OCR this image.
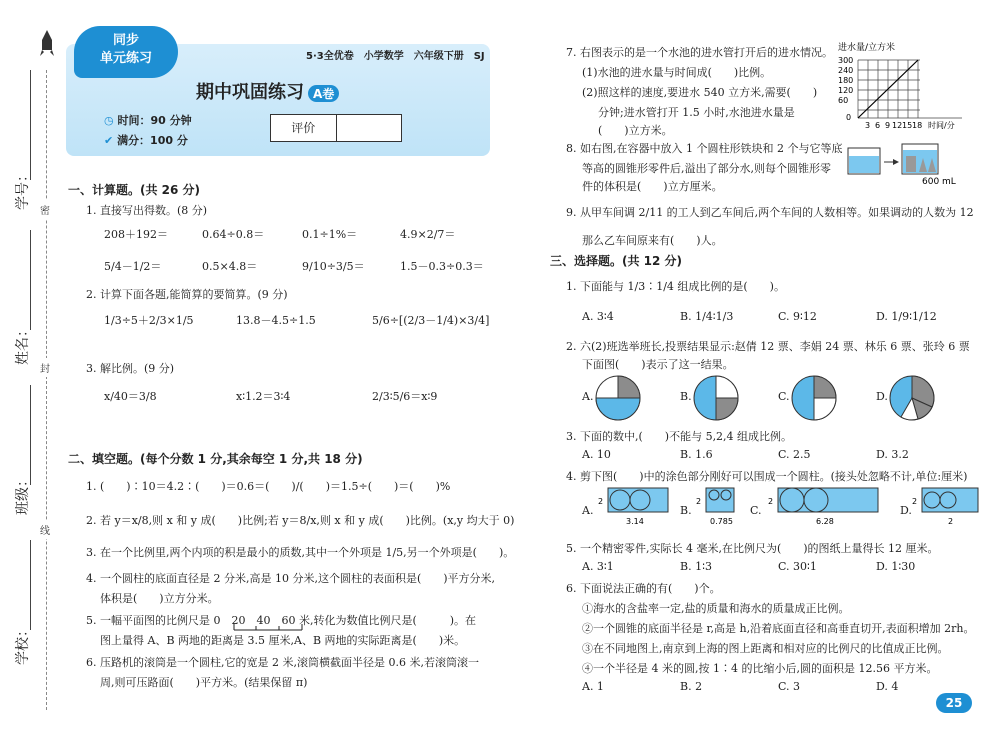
学号：
姓名：
班级：
学校：
密
封
线
同步
单元练习	5·3全优卷　小学数学　六年级下册　SJ
期中巩固练习 A卷
◷ 时间：90 分钟
✔ 满分：100 分
评价
一、计算题。(共 26 分)
1. 直接写出得数。(8 分)
208＋192＝	0.64÷0.8＝	0.1÷1%＝	4.9×2/7＝
5/4－1/2＝	0.5×4.8＝	9/10÷3/5＝	1.5－0.3÷0.3＝
2. 计算下面各题,能简算的要简算。(9 分)
1/3÷5＋2/3×1/5	13.8－4.5÷1.5	5/6÷[(2/3－1/4)×3/4]
3. 解比例。(9 分)
x/40＝3/8	x∶1.2＝3∶4	2/3∶5/6＝x∶9
二、填空题。(每个分数 1 分,其余每空 1 分,共 18 分)
1. (　　)∶10＝4.2∶(　　)＝0.6＝(　　)/(　　)＝1.5÷(　　)＝(　　)%
2. 若 y＝x/8,则 x 和 y 成(　　)比例;若 y＝8/x,则 x 和 y 成(　　)比例。(x,y 均大于 0)
3. 在一个比例里,两个内项的积是最小的质数,其中一个外项是 1/5,另一个外项是(　　)。
4. 一个圆柱的底面直径是 2 分米,高是 10 分米,这个圆柱的表面积是(　　)平方分米,
体积是(　　)立方分米。
5. 一幅平面图的比例尺是 0　20　40　60 米,转化为数值比例尺是(　　　)。在
图上量得 A、B 两地的距离是 3.5 厘米,A、B 两地的实际距离是(　　)米。
6. 压路机的滚筒是一个圆柱,它的宽是 2 米,滚筒横截面半径是 0.6 米,若滚筒滚一
周,则可压路面(　　)平方米。(结果保留 π)
7. 右图表示的是一个水池的进水管打开后的进水情况。
(1)水池的进水量与时间成(　　)比例。
(2)照这样的速度,要进水 540 立方米,需要(　　)
分钟;进水管打开 1.5 小时,水池进水量是
(　　)立方米。
进水量/立方米
300
240
180
120
60
0
3 6 9 12 15 18 时间/分
8. 如右图,在容器中放入 1 个圆柱形铁块和 2 个与它等底
等高的圆锥形零件后,溢出了部分水,则每个圆锥形零
件的体积是(　　)立方厘米。	600 mL
9. 从甲车间调 2/11 的工人到乙车间后,两个车间的人数相等。如果调动的人数为 12
那么乙车间原来有(　　)人。
三、选择题。(共 12 分)
1. 下面能与 1/3∶1/4 组成比例的是(　　)。
A. 3∶4	B. 1/4∶1/3	C. 9∶12	D. 1/9∶1/12
2. 六(2)班选举班长,投票结果显示:赵倩 12 票、李娟 24 票、林乐 6 票、张玲 6 票
下面图(　　)表示了这一结果。
A.	B.	C.	D.
3. 下面的数中,(　　)不能与 5,2,4 组成比例。
A. 10	B. 1.6	C. 2.5	D. 3.2
4. 剪下图(　　)中的涂色部分刚好可以围成一个圆柱。(接头处忽略不计,单位:厘米)
A.	B.	C.	D.
2
3.14
2
0.785
2
6.28
2
2
5. 一个精密零件,实际长 4 毫米,在比例尺为(　　)的图纸上量得长 12 厘米。
A. 3∶1	B. 1∶3	C. 30∶1	D. 1∶30
6. 下面说法正确的有(　　)个。
①海水的含盐率一定,盐的质量和海水的质量成正比例。
②一个圆锥的底面半径是 r,高是 h,沿着底面直径和高垂直切开,表面积增加 2rh。
③在不同地图上,南京到上海的图上距离和相对应的比例尺的比值成正比例。
④一个半径是 4 米的圆,按 1∶4 的比缩小后,圆的面积是 12.56 平方米。
A. 1	B. 2	C. 3	D. 4
25
